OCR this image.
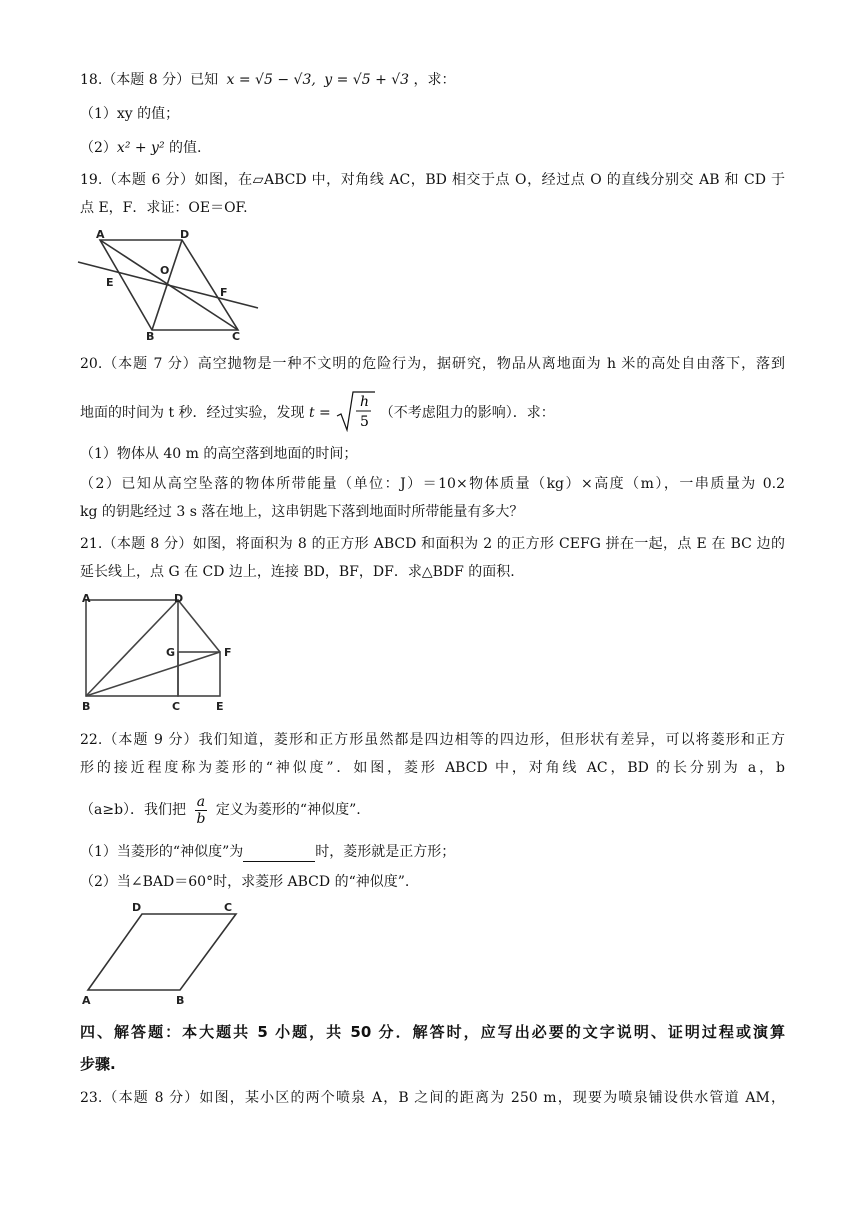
18.（本题 8 分）已知 x = √5 − √3, y = √5 + √3 ，求：
（1）xy 的值；
（2）x² + y² 的值.
19.（本题 6 分）如图，在▱ABCD 中，对角线 AC，BD 相交于点 O，经过点 O 的直线分别交 AB 和 CD 于
点 E，F．求证：OE＝OF.
A	D
O
E
F
B	C
20.（本题 7 分）高空抛物是一种不文明的危险行为，据研究，物品从离地面为 h 米的高处自由落下，落到
地面的时间为 t 秒．经过实验，发现 t =
h
5
（不考虑阻力的影响）．求：
（1）物体从 40 m 的高空落到地面的时间；
（2）已知从高空坠落的物体所带能量（单位：J）＝10×物体质量（kg）×高度（m），一串质量为 0.2
kg 的钥匙经过 3 s 落在地上，这串钥匙下落到地面时所带能量有多大？
21.（本题 8 分）如图，将面积为 8 的正方形 ABCD 和面积为 2 的正方形 CEFG 拼在一起，点 E 在 BC 边的
延长线上，点 G 在 CD 边上，连接 BD，BF，DF．求△BDF 的面积.
A	D
G	F
B	C	E
22.（本题 9 分）我们知道，菱形和正方形虽然都是四边相等的四边形，但形状有差异，可以将菱形和正方
形的接近程度称为菱形的“神似度”．如图，菱形 ABCD 中，对角线 AC，BD 的长分别为 a，b
（a≥b）．我们把 $\frac{a}{b}$ 定义为菱形的“神似度”.
（1）当菱形的“神似度”为	时，菱形就是正方形；
（2）当∠BAD＝60°时，求菱形 ABCD 的“神似度”.
D	C
A	B
四、解答题：本大题共 5 小题，共 50 分．解答时，应写出必要的文字说明、证明过程或演算
步骤.
23.（本题 8 分）如图，某小区的两个喷泉 A，B 之间的距离为 250 m，现要为喷泉铺设供水管道 AM，
